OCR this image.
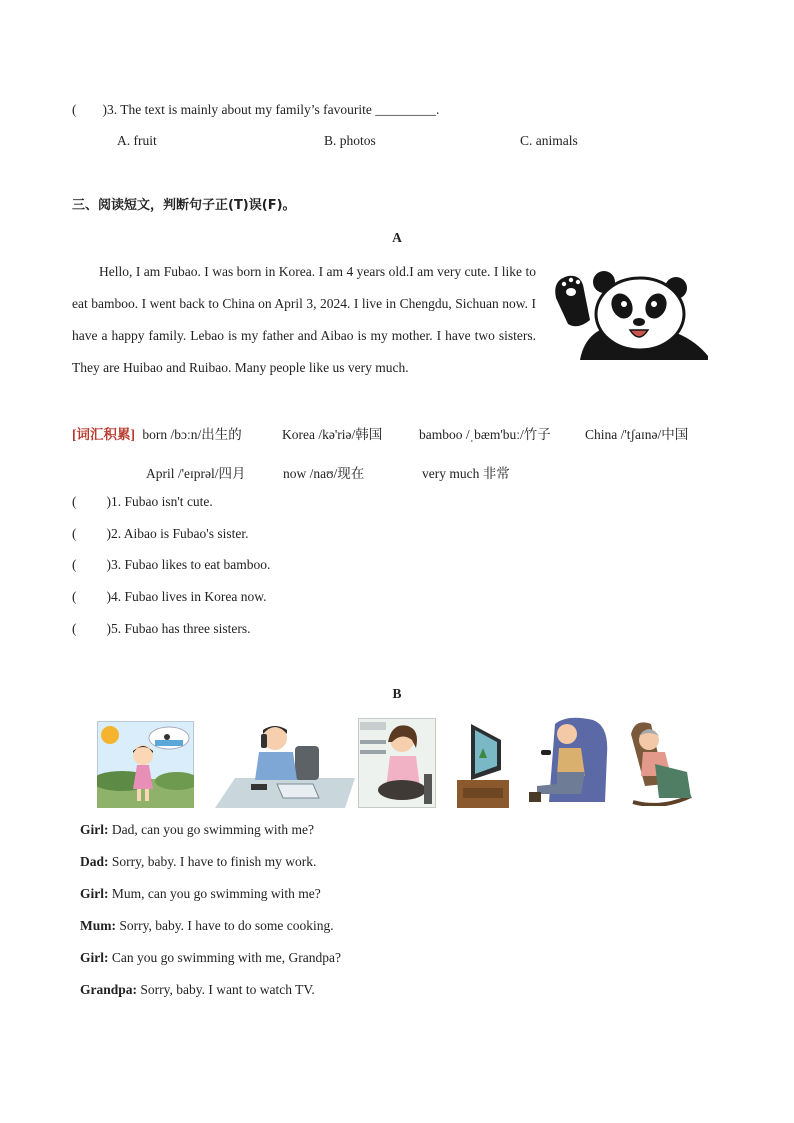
( )3. The text is mainly about my family’s favourite _________.
A. fruit	B. photos	C. animals
三、阅读短文，判断句子正(T)误(F)。
A
Hello, I am Fubao. I was born in Korea. I am 4 years old.I am very cute. I like to eat bamboo. I went back to China on April 3, 2024. I live in Chengdu, Sichuan now. I have a happy family. Lebao is my father and Aibao is my mother. I have two sisters. They are Huibao and Ruibao. Many people like us very much.
[词汇积累] born /bɔːn/出生的	Korea /kə'riə/韩国	bamboo /ˌbæm'buː/竹子	China /'tʃaɪnə/中国
April /'eɪprəl/四月	now /naʊ/现在	very much 非常
( )1. Fubao isn't cute.
( )2. Aibao is Fubao's sister.
( )3. Fubao likes to eat bamboo.
( )4. Fubao lives in Korea now.
( )5. Fubao has three sisters.
B
Girl: Dad, can you go swimming with me?
Dad: Sorry, baby. I have to finish my work.
Girl: Mum, can you go swimming with me?
Mum: Sorry, baby. I have to do some cooking.
Girl: Can you go swimming with me, Grandpa?
Grandpa: Sorry, baby. I want to watch TV.
